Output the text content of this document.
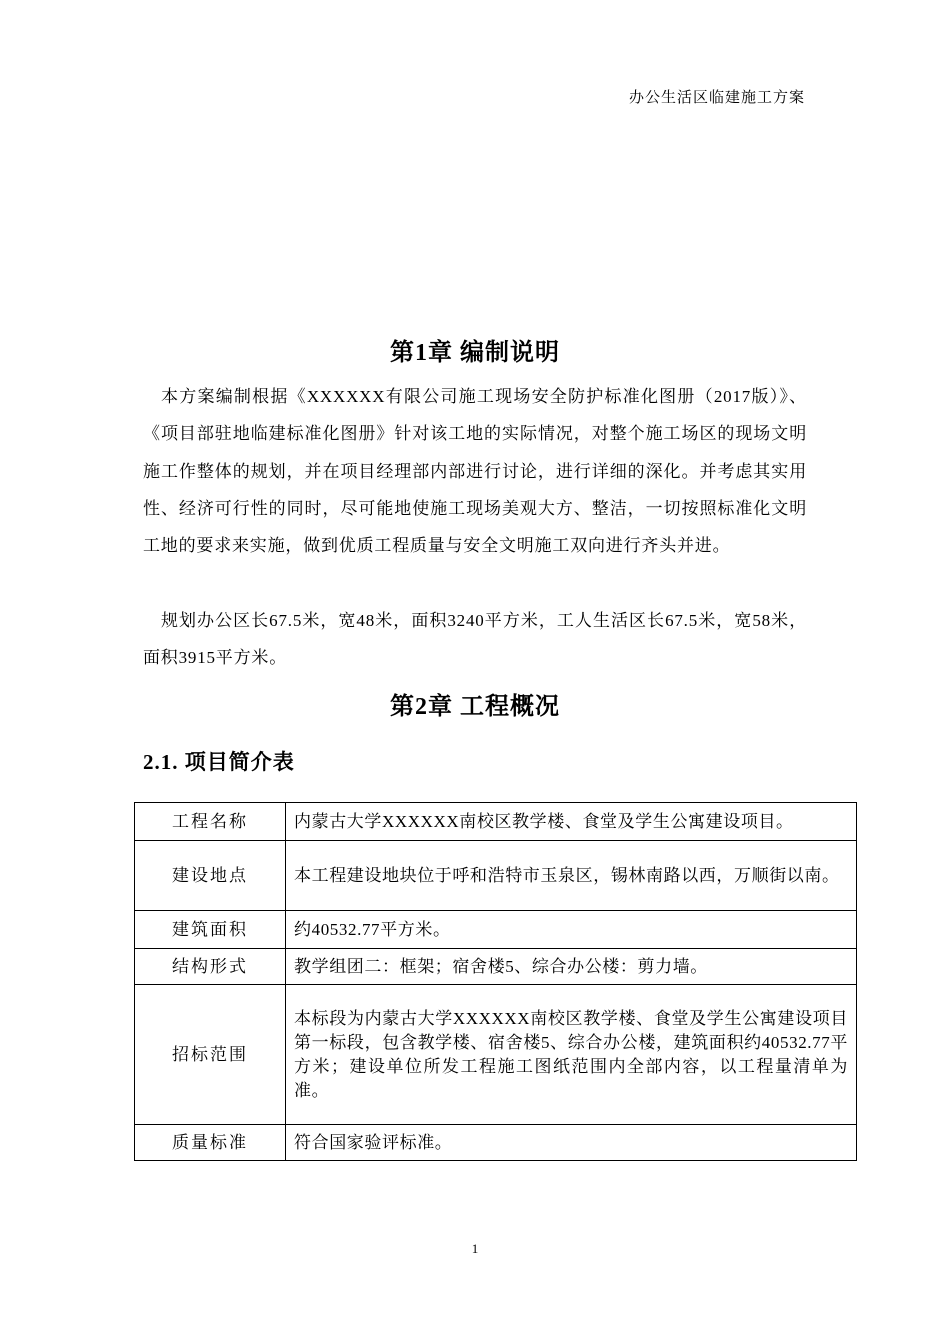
办公生活区临建施工方案
第1章 编制说明
本方案编制根据《XXXXXX有限公司施工现场安全防护标准化图册（2017版）》、《项目部驻地临建标准化图册》针对该工地的实际情况，对整个施工场区的现场文明施工作整体的规划，并在项目经理部内部进行讨论，进行详细的深化。并考虑其实用性、经济可行性的同时，尽可能地使施工现场美观大方、整洁，一切按照标准化文明工地的要求来实施，做到优质工程质量与安全文明施工双向进行齐头并进。
规划办公区长67.5米，宽48米，面积3240平方米，工人生活区长67.5米，宽58米，面积3915平方米。
第2章 工程概况
2.1. 项目简介表
工程名称	内蒙古大学XXXXXX南校区教学楼、食堂及学生公寓建设项目。
建设地点	本工程建设地块位于呼和浩特市玉泉区，锡林南路以西，万顺街以南。
建筑面积	约40532.77平方米。
结构形式	教学组团二：框架；宿舍楼5、综合办公楼：剪力墙。
招标范围	本标段为内蒙古大学XXXXXX南校区教学楼、食堂及学生公寓建设项目第一标段，包含教学楼、宿舍楼5、综合办公楼，建筑面积约40532.77平方米；建设单位所发工程施工图纸范围内全部内容，以工程量清单为准。
质量标准	符合国家验评标准。
1
